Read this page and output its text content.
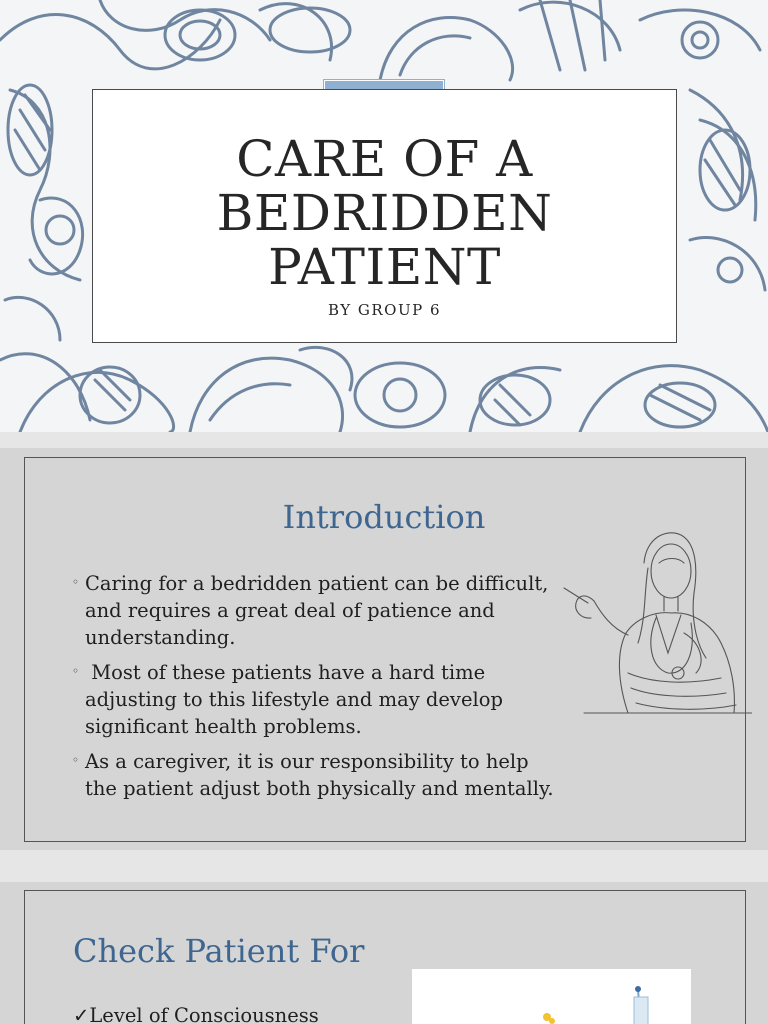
CARE OF A
BEDRIDDEN
PATIENT
BY GROUP 6
Introduction
◦ Caring for a bedridden patient can be difficult, and requires a great deal of patience and understanding.
◦ Most of these patients have a hard time adjusting to this lifestyle and may develop significant health problems.
◦ As a caregiver, it is our responsibility to help the patient adjust both physically and mentally.
Check Patient For
✓Level of Consciousness
